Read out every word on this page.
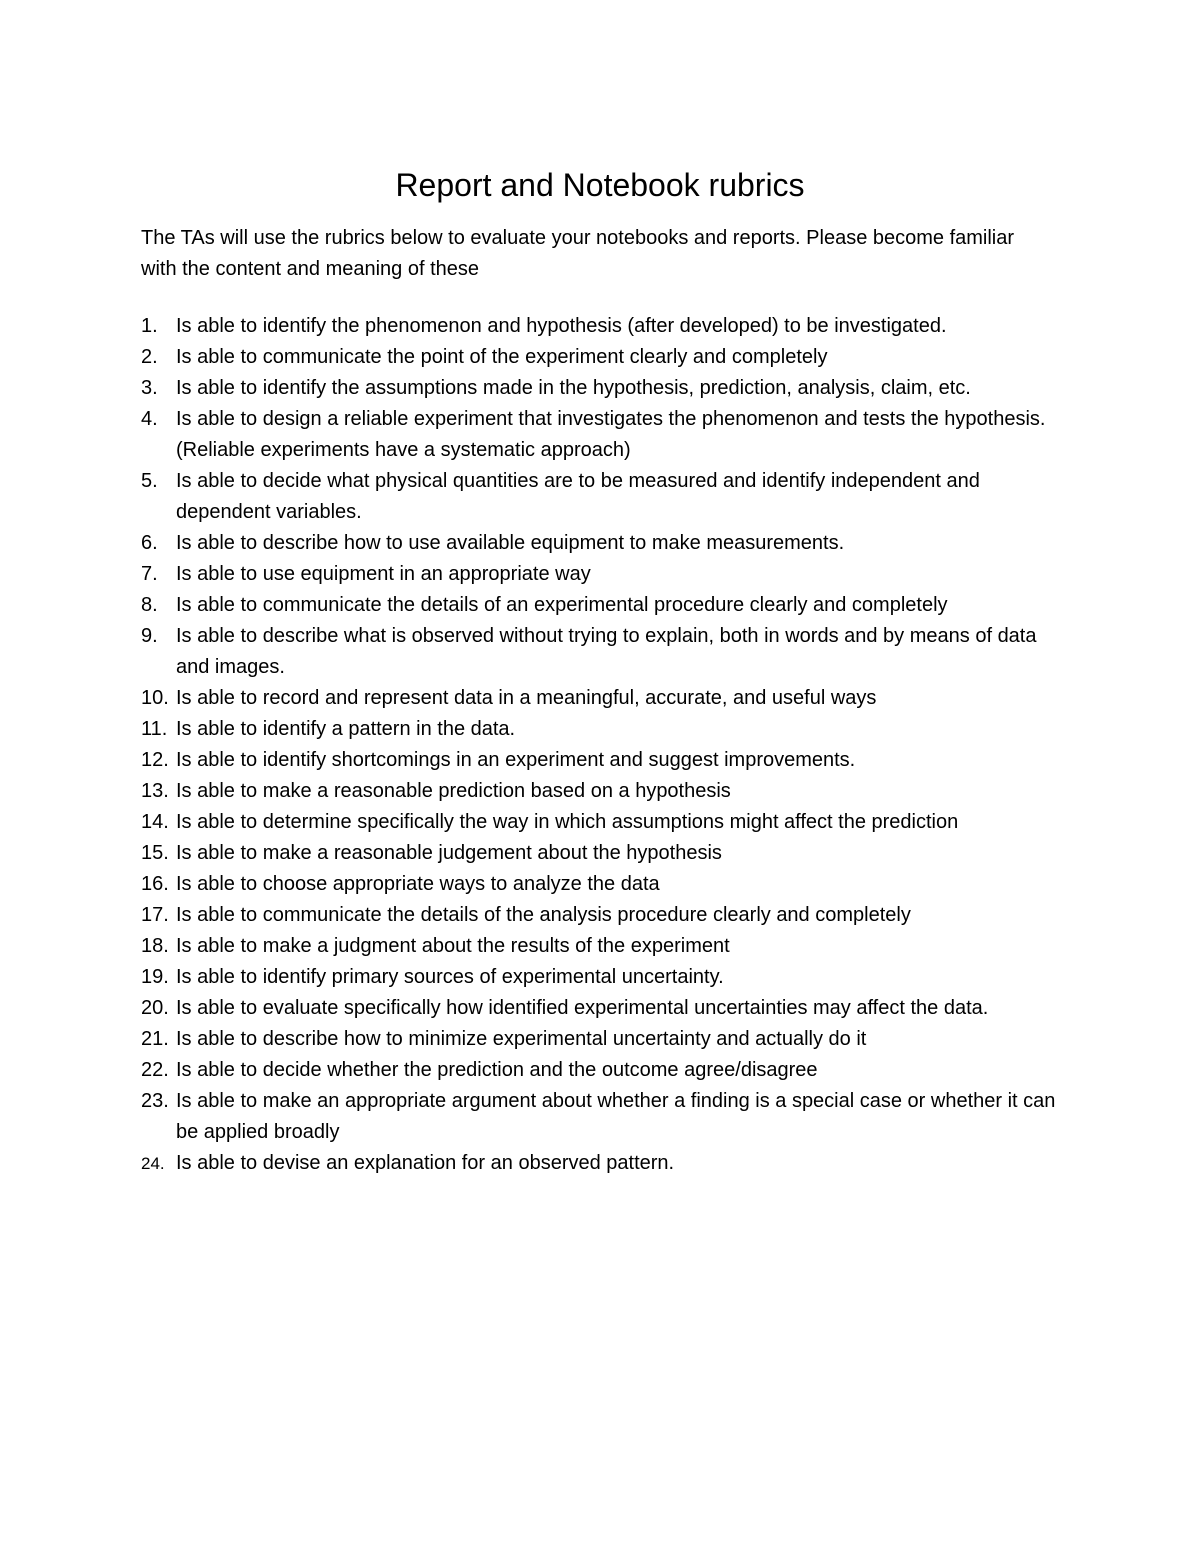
Report and Notebook rubrics

The TAs will use the rubrics below to evaluate your notebooks and reports. Please become familiar with the content and meaning of these

1. Is able to identify the phenomenon and hypothesis (after developed) to be investigated.
2. Is able to communicate the point of the experiment clearly and completely
3. Is able to identify the assumptions made in the hypothesis, prediction, analysis, claim, etc.
4. Is able to design a reliable experiment that investigates the phenomenon and tests the hypothesis. (Reliable experiments have a systematic approach)
5. Is able to decide what physical quantities are to be measured and identify independent and dependent variables.
6. Is able to describe how to use available equipment to make measurements.
7. Is able to use equipment in an appropriate way
8. Is able to communicate the details of an experimental procedure clearly and completely
9. Is able to describe what is observed without trying to explain, both in words and by means of data and images.
10. Is able to record and represent data in a meaningful, accurate, and useful ways
11. Is able to identify a pattern in the data.
12. Is able to identify shortcomings in an experiment and suggest improvements.
13. Is able to make a reasonable prediction based on a hypothesis
14. Is able to determine specifically the way in which assumptions might affect the prediction
15. Is able to make a reasonable judgement about the hypothesis
16. Is able to choose appropriate ways to analyze the data
17. Is able to communicate the details of the analysis procedure clearly and completely
18. Is able to make a judgment about the results of the experiment
19. Is able to identify primary sources of experimental uncertainty.
20. Is able to evaluate specifically how identified experimental uncertainties may affect the data.
21. Is able to describe how to minimize experimental uncertainty and actually do it
22. Is able to decide whether the prediction and the outcome agree/disagree
23. Is able to make an appropriate argument about whether a finding is a special case or whether it can be applied broadly
24. Is able to devise an explanation for an observed pattern.
